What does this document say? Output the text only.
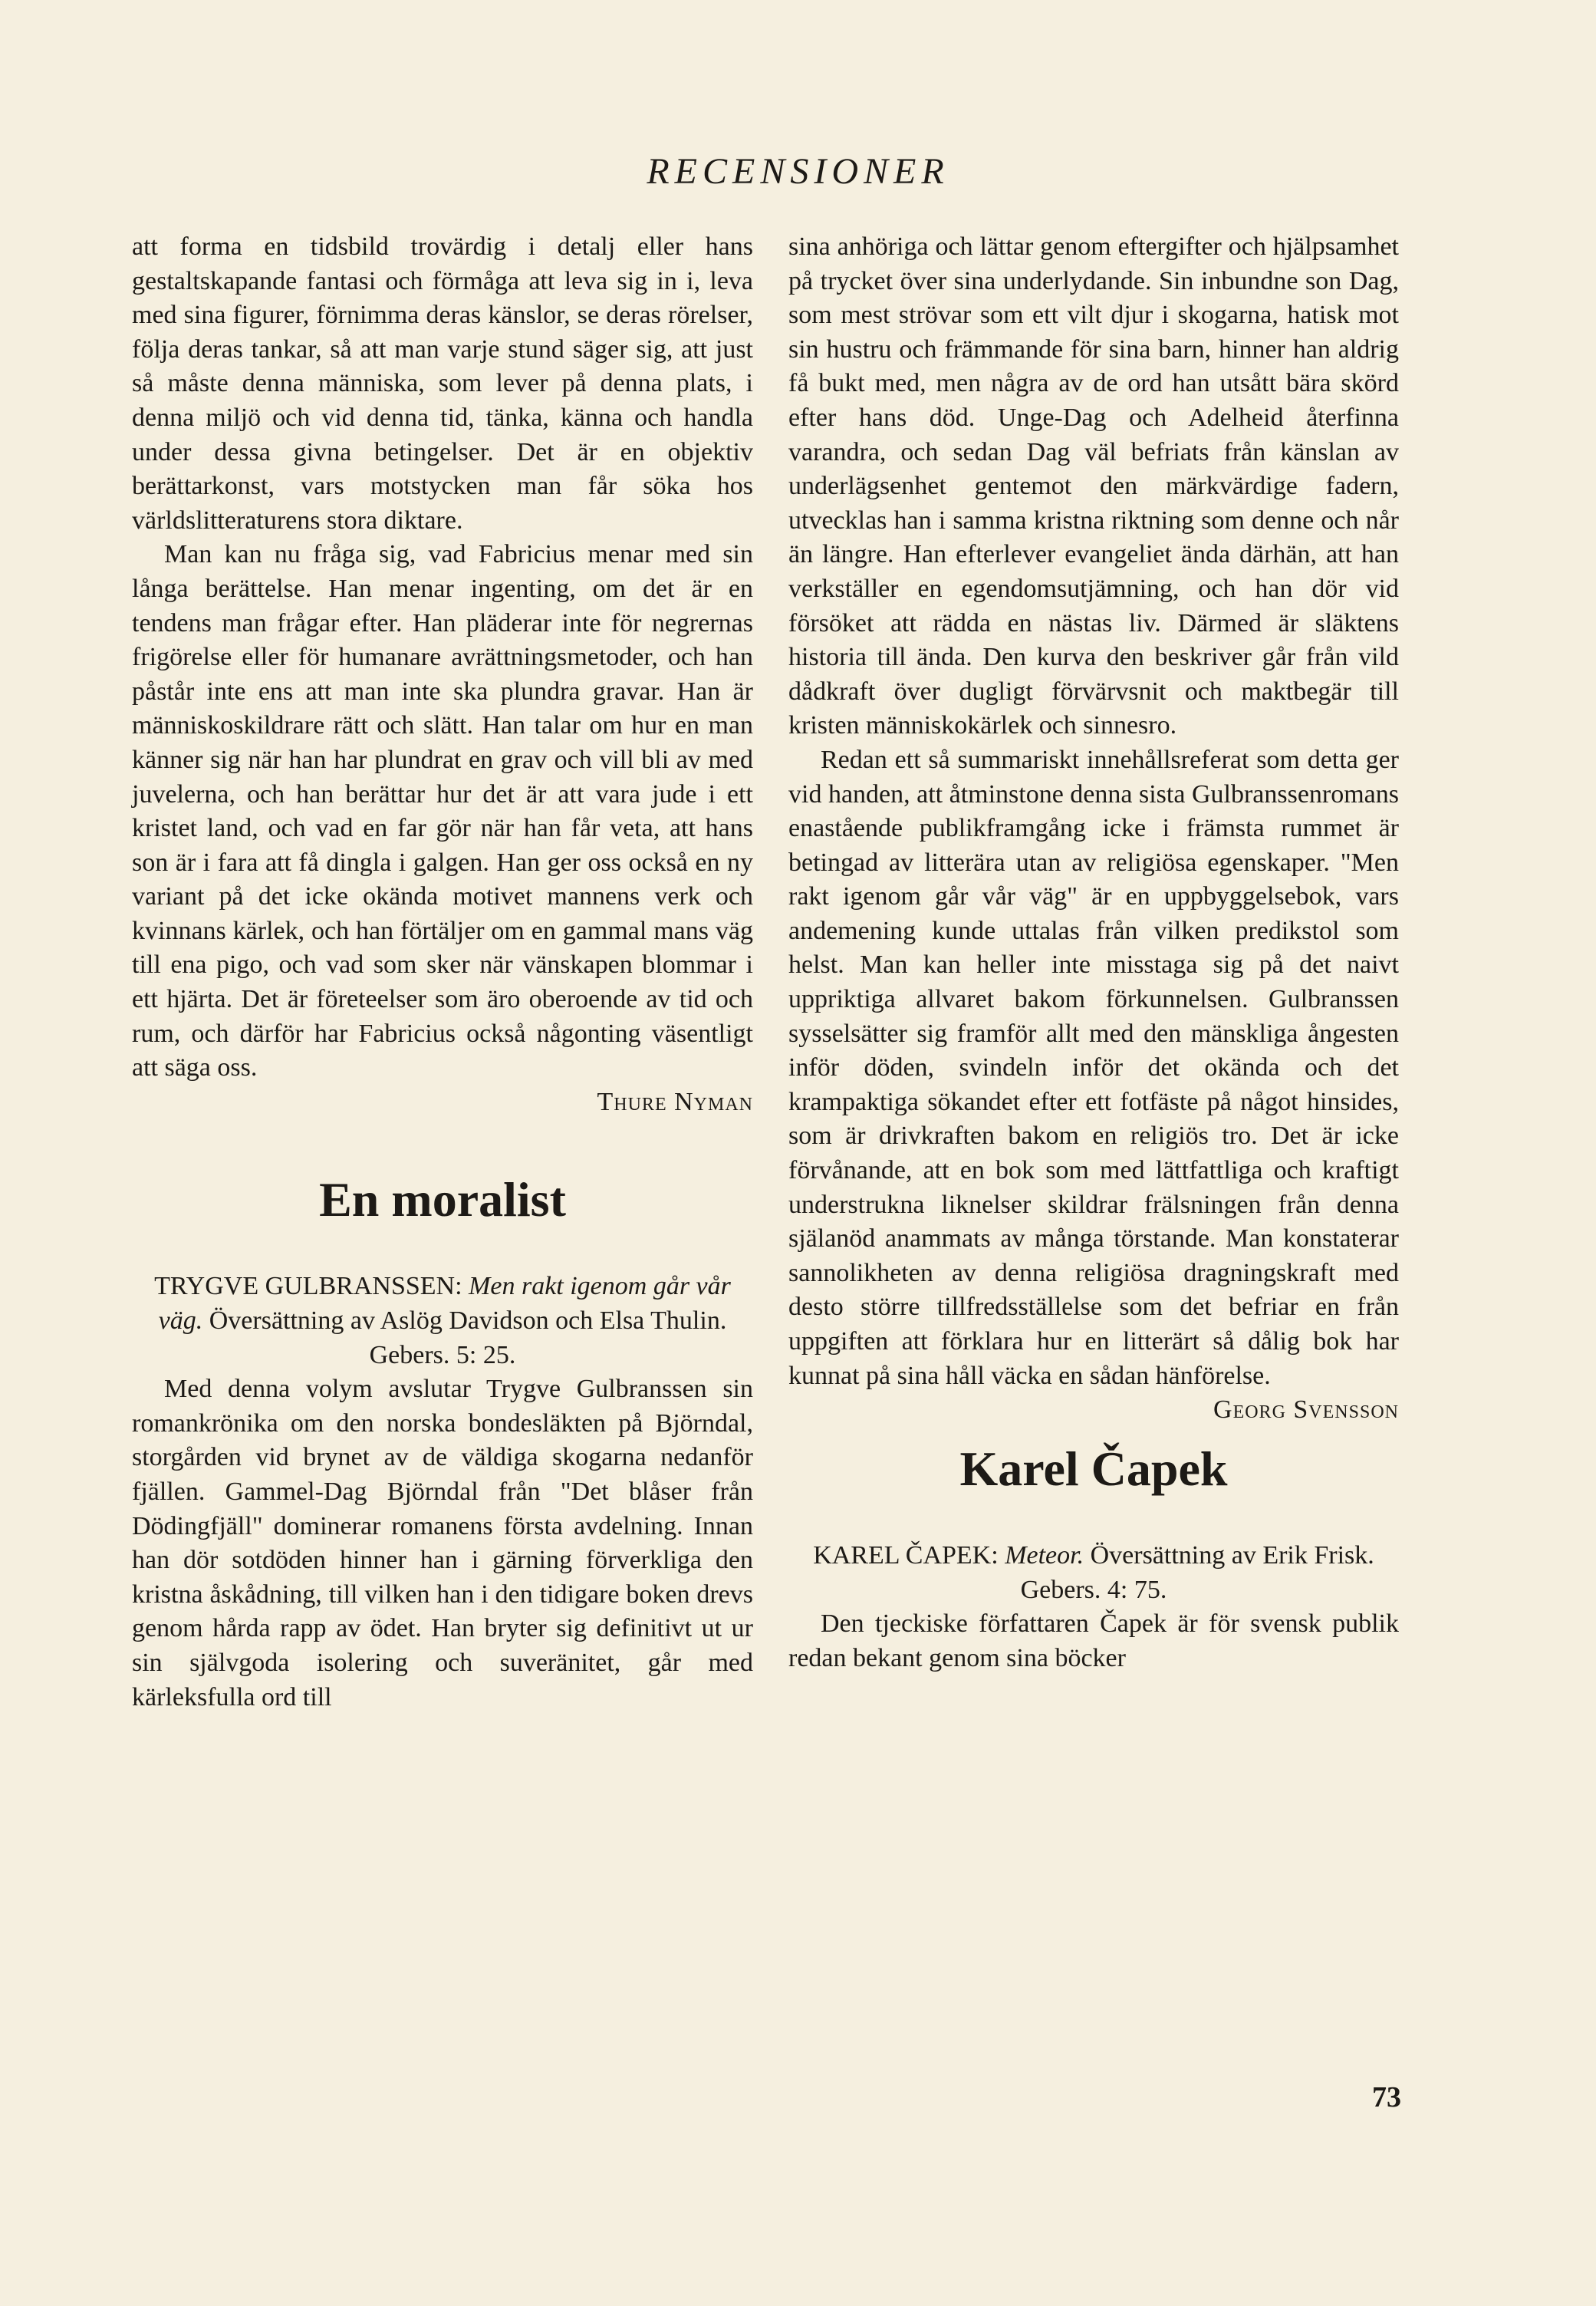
RECENSIONER

att forma en tidsbild trovärdig i detalj eller hans gestaltskapande fantasi och förmåga att leva sig in i, leva med sina figurer, förnimma deras känslor, se deras rörelser, följa deras tankar, så att man varje stund säger sig, att just så måste denna människa, som lever på denna plats, i denna miljö och vid denna tid, tänka, känna och handla under dessa givna betingelser. Det är en objektiv berättarkonst, vars motstycken man får söka hos världslitteraturens stora diktare.

Man kan nu fråga sig, vad Fabricius menar med sin långa berättelse. Han menar ingenting, om det är en tendens man frågar efter. Han pläderar inte för negrernas frigörelse eller för humanare avrättningsmetoder, och han påstår inte ens att man inte ska plundra gravar. Han är människoskildrare rätt och slätt. Han talar om hur en man känner sig när han har plundrat en grav och vill bli av med juvelerna, och han berättar hur det är att vara jude i ett kristet land, och vad en far gör när han får veta, att hans son är i fara att få dingla i galgen. Han ger oss också en ny variant på det icke okända motivet mannens verk och kvinnans kärlek, och han förtäljer om en gammal mans väg till ena pigo, och vad som sker när vänskapen blommar i ett hjärta. Det är företeelser som äro oberoende av tid och rum, och därför har Fabricius också någonting väsentligt att säga oss.

Thure Nyman

En moralist

TRYGVE GULBRANSSEN: Men rakt igenom går vår väg. Översättning av Aslög Davidson och Elsa Thulin. Gebers. 5: 25.

Med denna volym avslutar Trygve Gulbranssen sin romankrönika om den norska bondesläkten på Björndal, storgården vid brynet av de väldiga skogarna nedanför fjällen. Gammel-Dag Björndal från "Det blåser från Dödingfjäll" dominerar romanens första avdelning. Innan han dör sotdöden hinner han i gärning förverkliga den kristna åskådning, till vilken han i den tidigare boken drevs genom hårda rapp av ödet. Han bryter sig definitivt ut ur sin självgoda isolering och suveränitet, går med kärleksfulla ord till

sina anhöriga och lättar genom eftergifter och hjälpsamhet på trycket över sina underlydande. Sin inbundne son Dag, som mest strövar som ett vilt djur i skogarna, hatisk mot sin hustru och främmande för sina barn, hinner han aldrig få bukt med, men några av de ord han utsått bära skörd efter hans död. Unge-Dag och Adelheid återfinna varandra, och sedan Dag väl befriats från känslan av underlägsenhet gentemot den märkvärdige fadern, utvecklas han i samma kristna riktning som denne och når än längre. Han efterlever evangeliet ända därhän, att han verkställer en egendomsutjämning, och han dör vid försöket att rädda en nästas liv. Därmed är släktens historia till ända. Den kurva den beskriver går från vild dådkraft över dugligt förvärvsnit och maktbegär till kristen människokärlek och sinnesro.

Redan ett så summariskt innehållsreferat som detta ger vid handen, att åtminstone denna sista Gulbranssenromans enastående publikframgång icke i främsta rummet är betingad av litterära utan av religiösa egenskaper. "Men rakt igenom går vår väg" är en uppbyggelsebok, vars andemening kunde uttalas från vilken predikstol som helst. Man kan heller inte misstaga sig på det naivt uppriktiga allvaret bakom förkunnelsen. Gulbranssen sysselsätter sig framför allt med den mänskliga ångesten inför döden, svindeln inför det okända och det krampaktiga sökandet efter ett fotfäste på något hinsides, som är drivkraften bakom en religiös tro. Det är icke förvånande, att en bok som med lättfattliga och kraftigt understrukna liknelser skildrar frälsningen från denna själanöd anammats av många törstande. Man konstaterar sannolikheten av denna religiösa dragningskraft med desto större tillfredsställelse som det befriar en från uppgiften att förklara hur en litterärt så dålig bok har kunnat på sina håll väcka en sådan hänförelse.
Georg Svensson

Karel Čapek

KAREL ČAPEK: Meteor. Översättning av Erik Frisk. Gebers. 4: 75.

Den tjeckiske författaren Čapek är för svensk publik redan bekant genom sina böcker

73
